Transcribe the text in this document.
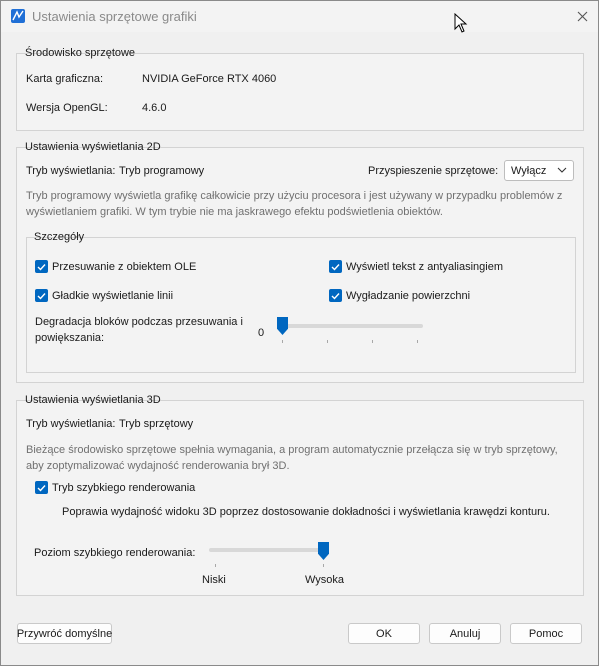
Ustawienia sprzętowe grafiki
Środowisko sprzętowe
Karta graficzna:	NVIDIA GeForce RTX 4060
Wersja OpenGL:	4.6.0
Ustawienia wyświetlania 2D
Tryb wyświetlania: Tryb programowy	Przyspieszenie sprzętowe: Wyłącz
Tryb programowy wyświetla grafikę całkowicie przy użyciu procesora i jest używany w przypadku problemów z wyświetlaniem grafiki. W tym trybie nie ma jaskrawego efektu podświetlenia obiektów.
Szczegóły
Przesuwanie z obiektem OLE	Wyświetl tekst z antyaliasingiem
Gładkie wyświetlanie linii	Wygładzanie powierzchni
Degradacja bloków podczas przesuwania i powiększania:	0
Ustawienia wyświetlania 3D
Tryb wyświetlania: Tryb sprzętowy
Bieżące środowisko sprzętowe spełnia wymagania, a program automatycznie przełącza się w tryb sprzętowy, aby zoptymalizować wydajność renderowania brył 3D.
Tryb szybkiego renderowania
Poprawia wydajność widoku 3D poprzez dostosowanie dokładności i wyświetlania krawędzi konturu.
Poziom szybkiego renderowania:
Niski	Wysoka
Przywróć domyślne	OK	Anuluj	Pomoc
